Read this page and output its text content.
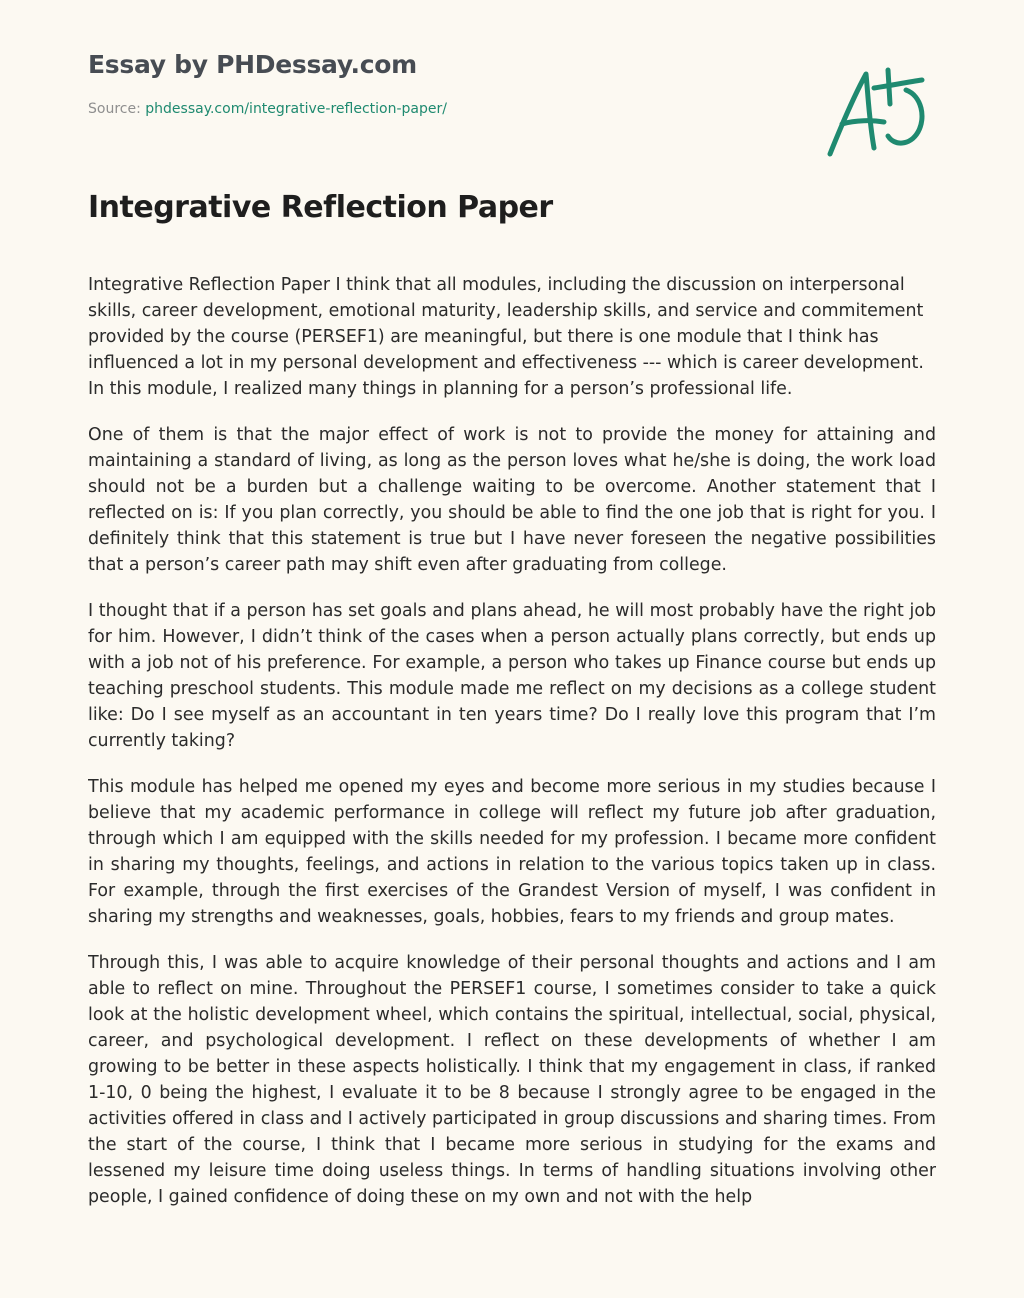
Essay by PHDessay.com
Source: phdessay.com/integrative-reflection-paper/
Integrative Reflection Paper

Integrative Reflection Paper I think that all modules, including the discussion on interpersonal skills, career development, emotional maturity, leadership skills, and service and commitement provided by the course (PERSEF1) are meaningful, but there is one module that I think has influenced a lot in my personal development and effectiveness --- which is career development. In this module, I realized many things in planning for a person’s professional life.

One of them is that the major effect of work is not to provide the money for attaining and maintaining a standard of living, as long as the person loves what he/she is doing, the work load should not be a burden but a challenge waiting to be overcome. Another statement that I reflected on is: If you plan correctly, you should be able to find the one job that is right for you. I definitely think that this statement is true but I have never foreseen the negative possibilities that a person’s career path may shift even after graduating from college.

I thought that if a person has set goals and plans ahead, he will most probably have the right job for him. However, I didn’t think of the cases when a person actually plans correctly, but ends up with a job not of his preference. For example, a person who takes up Finance course but ends up teaching preschool students. This module made me reflect on my decisions as a college student like: Do I see myself as an accountant in ten years time? Do I really love this program that I’m currently taking?

This module has helped me opened my eyes and become more serious in my studies because I believe that my academic performance in college will reflect my future job after graduation, through which I am equipped with the skills needed for my profession. I became more confident in sharing my thoughts, feelings, and actions in relation to the various topics taken up in class. For example, through the first exercises of the Grandest Version of myself, I was confident in sharing my strengths and weaknesses, goals, hobbies, fears to my friends and group mates.

Through this, I was able to acquire knowledge of their personal thoughts and actions and I am able to reflect on mine. Throughout the PERSEF1 course, I sometimes consider to take a quick look at the holistic development wheel, which contains the spiritual, intellectual, social, physical, career, and psychological development. I reflect on these developments of whether I am growing to be better in these aspects holistically. I think that my engagement in class, if ranked 1-10, 0 being the highest, I evaluate it to be 8 because I strongly agree to be engaged in the activities offered in class and I actively participated in group discussions and sharing times. From the start of the course, I think that I became more serious in studying for the exams and lessened my leisure time doing useless things. In terms of handling situations involving other people, I gained confidence of doing these on my own and not with the help
